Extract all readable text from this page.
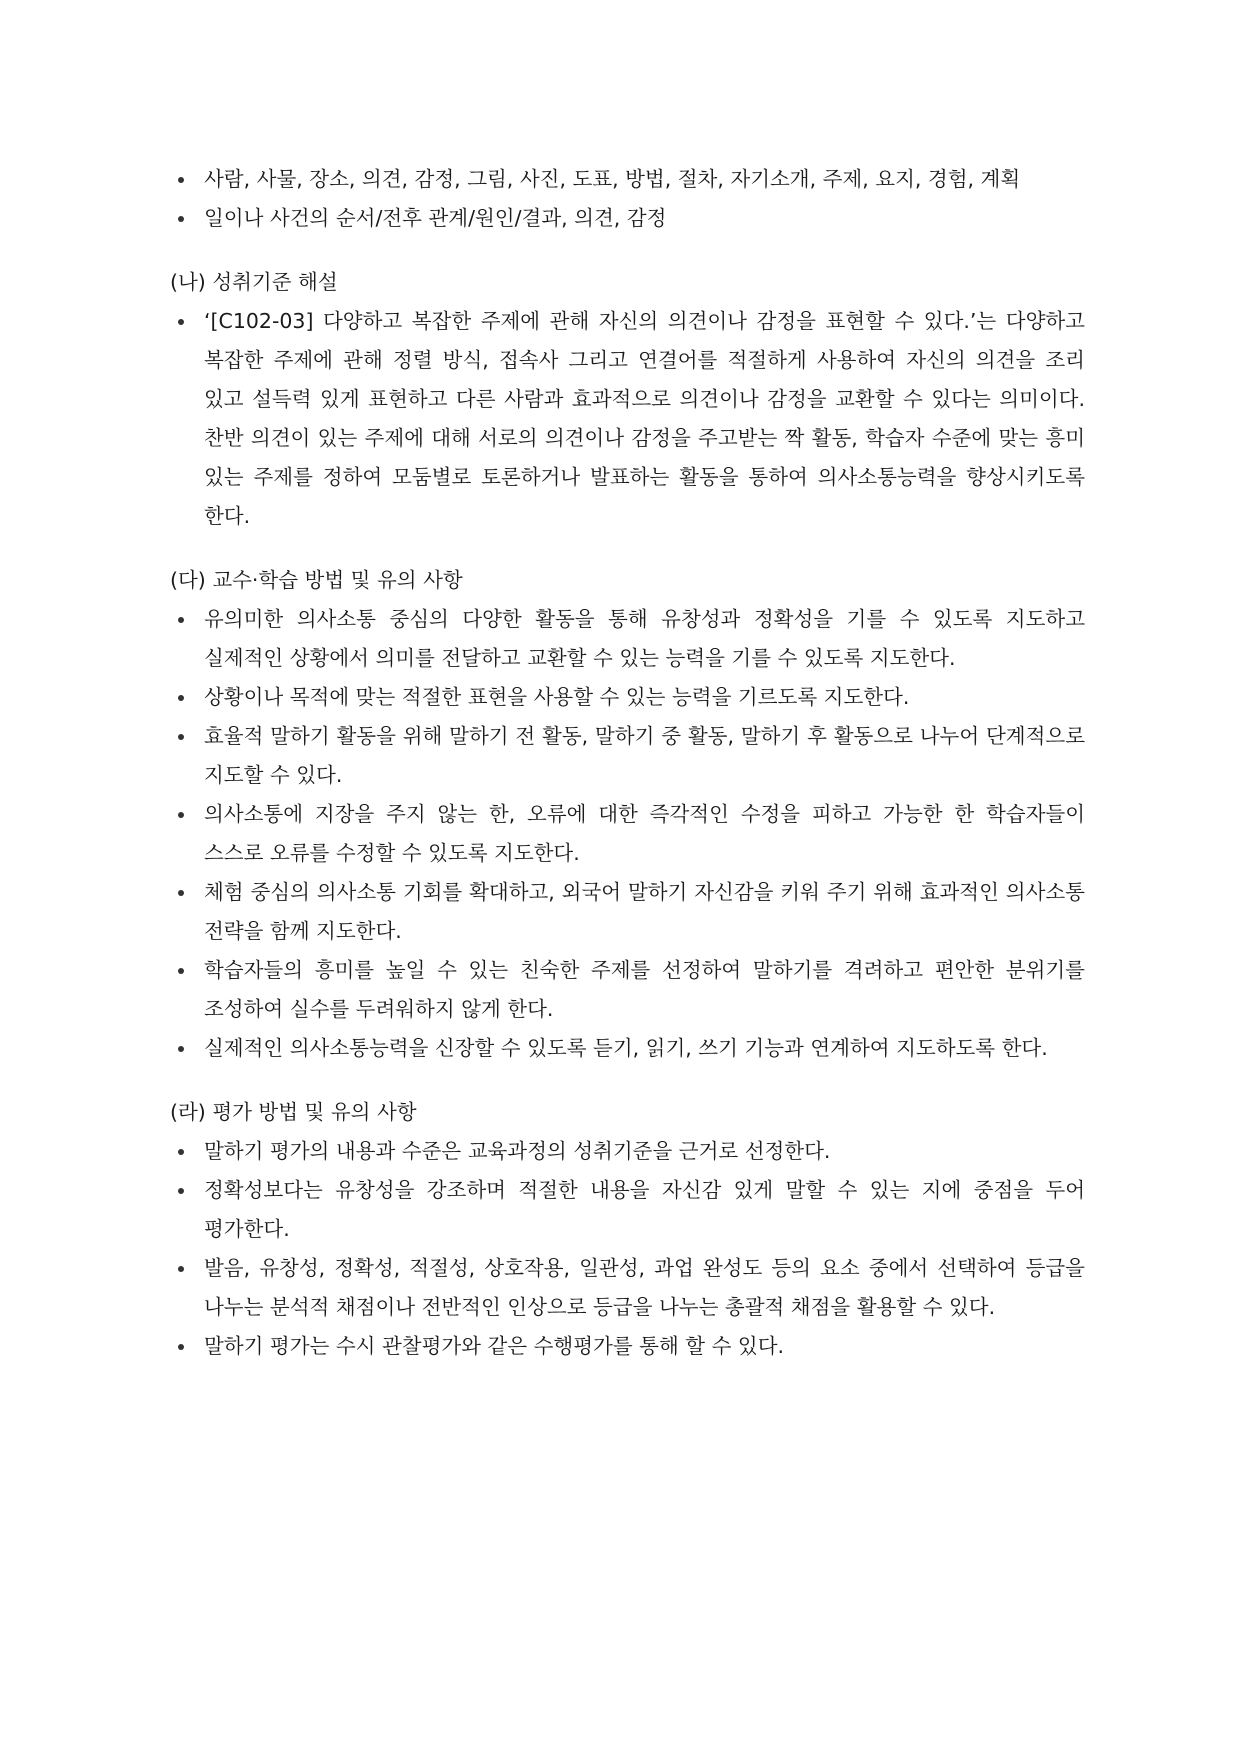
사람, 사물, 장소, 의견, 감정, 그림, 사진, 도표, 방법, 절차, 자기소개, 주제, 요지, 경험, 계획
일이나 사건의 순서/전후 관계/원인/결과, 의견, 감정
(나) 성취기준 해설
‘[C102-03] 다양하고 복잡한 주제에 관해 자신의 의견이나 감정을 표현할 수 있다.’는 다양하고 복잡한 주제에 관해 정렬 방식, 접속사 그리고 연결어를 적절하게 사용하여 자신의 의견을 조리 있고 설득력 있게 표현하고 다른 사람과 효과적으로 의견이나 감정을 교환할 수 있다는 의미이다. 찬반 의견이 있는 주제에 대해 서로의 의견이나 감정을 주고받는 짝 활동, 학습자 수준에 맞는 흥미 있는 주제를 정하여 모둠별로 토론하거나 발표하는 활동을 통하여 의사소통능력을 향상시키도록 한다.
(다) 교수·학습 방법 및 유의 사항
유의미한 의사소통 중심의 다양한 활동을 통해 유창성과 정확성을 기를 수 있도록 지도하고 실제적인 상황에서 의미를 전달하고 교환할 수 있는 능력을 기를 수 있도록 지도한다.
상황이나 목적에 맞는 적절한 표현을 사용할 수 있는 능력을 기르도록 지도한다.
효율적 말하기 활동을 위해 말하기 전 활동, 말하기 중 활동, 말하기 후 활동으로 나누어 단계적으로 지도할 수 있다.
의사소통에 지장을 주지 않는 한, 오류에 대한 즉각적인 수정을 피하고 가능한 한 학습자들이 스스로 오류를 수정할 수 있도록 지도한다.
체험 중심의 의사소통 기회를 확대하고, 외국어 말하기 자신감을 키워 주기 위해 효과적인 의사소통 전략을 함께 지도한다.
학습자들의 흥미를 높일 수 있는 친숙한 주제를 선정하여 말하기를 격려하고 편안한 분위기를 조성하여 실수를 두려워하지 않게 한다.
실제적인 의사소통능력을 신장할 수 있도록 듣기, 읽기, 쓰기 기능과 연계하여 지도하도록 한다.
(라) 평가 방법 및 유의 사항
말하기 평가의 내용과 수준은 교육과정의 성취기준을 근거로 선정한다.
정확성보다는 유창성을 강조하며 적절한 내용을 자신감 있게 말할 수 있는 지에 중점을 두어 평가한다.
발음, 유창성, 정확성, 적절성, 상호작용, 일관성, 과업 완성도 등의 요소 중에서 선택하여 등급을 나누는 분석적 채점이나 전반적인 인상으로 등급을 나누는 총괄적 채점을 활용할 수 있다.
말하기 평가는 수시 관찰평가와 같은 수행평가를 통해 할 수 있다.
